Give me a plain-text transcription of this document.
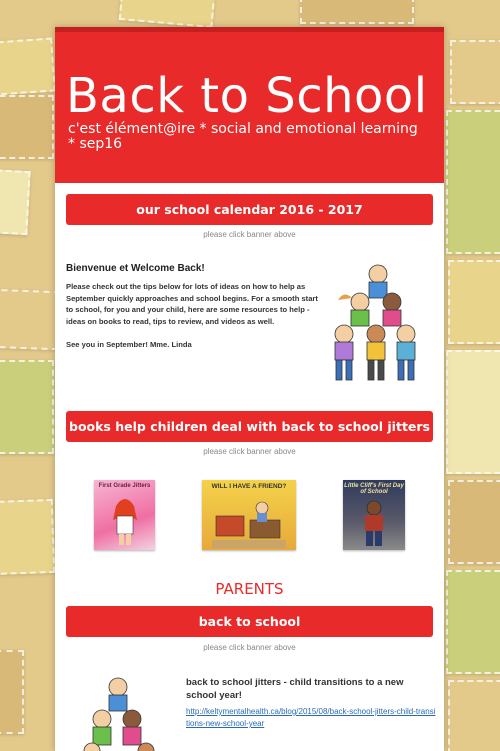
Back to School
c'est élément@ire * social and emotional learning * sep16
our school calendar 2016 - 2017
please click banner above
Bienvenue et Welcome Back!

Please check out the tips below for lots of ideas on how to help as September quickly approaches and school begins. For a smooth start to school, for you and your child, here are some resources to help - ideas on books to read, tips to review, and videos as well.

See you in September! Mme. Linda

books help children deal with back to school jitters
please click banner above
First Grade Jitters	WILL I HAVE A FRIEND?	Little Cliff's First Day of School
PARENTS
back to school
please click banner above
back to school jitters - child transitions to a new school year!
http://keltymentalhealth.ca/blog/2015/08/back-school-jitters-child-transitions-new-school-year
